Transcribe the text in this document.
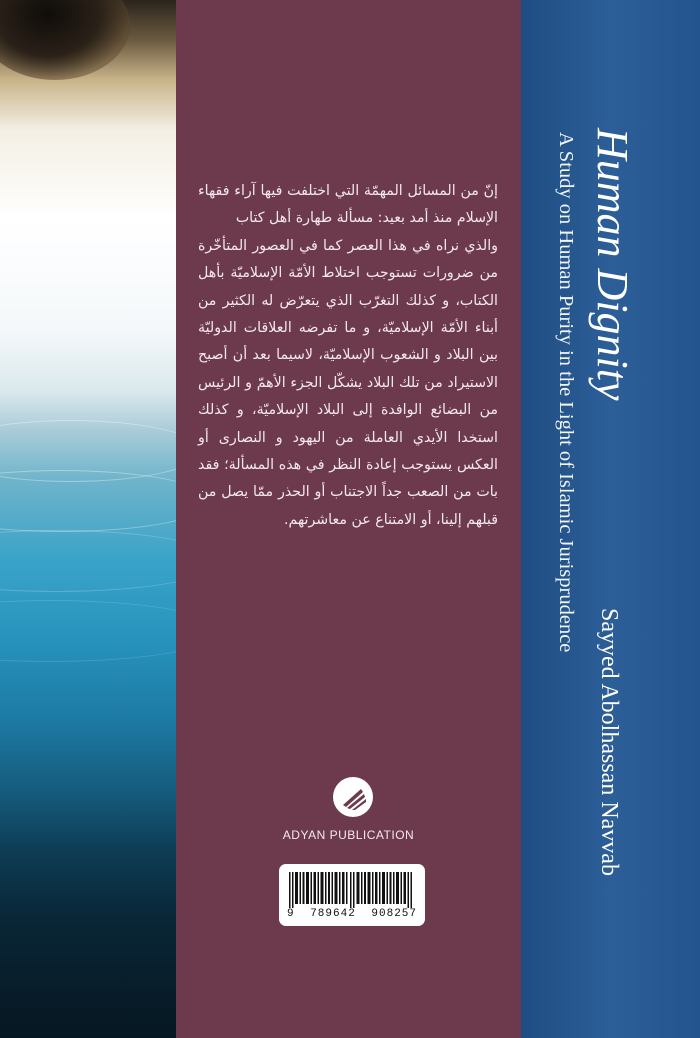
إنّ من المسائل المهمّة التي اختلفت فيها آراء فقهاء الإسلام منذ أمد بعيد: مسألة طهارة أهل كتاب

والذي نراه في هذا العصر كما في العصور المتأخّرة من ضرورات تستوجب اختلاط الأمّة الإسلاميّة بأهل الكتاب، و كذلك التغرّب الذي يتعرّض له الكثير من أبناء الأمّة الإسلاميّة، و ما تفرضه العلاقات الدوليّة بين البلاد و الشعوب الإسلاميّة، لاسيما بعد أن أصبح الاستيراد من تلك البلاد يشكّل الجزء الأهمّ و الرئيس من البضائع الوافدة إلى البلاد الإسلاميّة، و كذلك استخدا الأيدي العاملة من اليهود و النصارى أو العكس يستوجب إعادة النظر في هذه المسألة؛ فقد بات من الصعب جداً الاجتناب أو الحذر ممّا يصل من قبلهم إلينا، أو الامتناع عن معاشرتهم.

ADYAN PUBLICATION
9 789642 908257
Human Dignity
A Study on Human Purity in the Light of Islamic Jurisprudence
Sayyed Abolhassan Navvab
